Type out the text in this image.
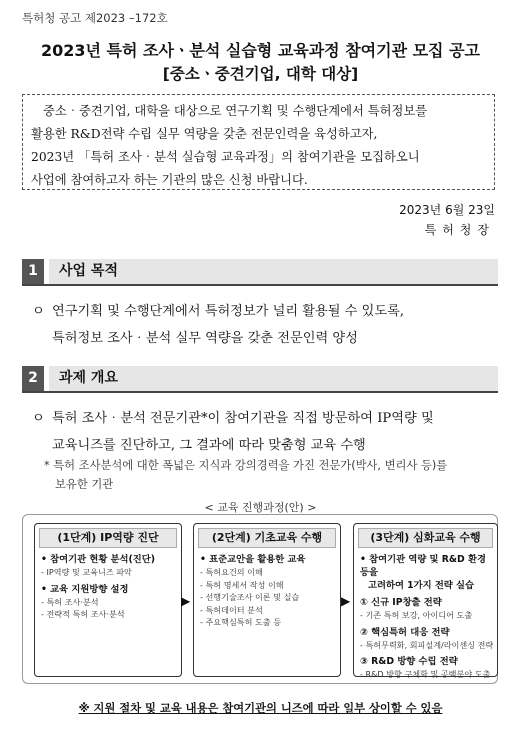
특허청 공고 제2023 –172호
2023년 특허 조사ㆍ분석 실습형 교육과정 참여기관 모집 공고
[중소ㆍ중견기업, 대학 대상]
중소‧중견기업, 대학을 대상으로 연구기획 및 수행단계에서 특허정보를
활용한 R&D전략 수립 실무 역량을 갖춘 전문인력을 육성하고자,
2023년 「특허 조사‧분석 실습형 교육과정」의 참여기관을 모집하오니
사업에 참여하고자 하는 기관의 많은 신청 바랍니다.
2023년 6월 23일
특허청장
1	사업 목적
ㅇ 연구기획 및 수행단계에서 특허정보가 널리 활용될 수 있도록,
특허정보 조사‧분석 실무 역량을 갖춘 전문인력 양성
2	과제 개요
ㅇ 특허 조사‧분석 전문기관*이 참여기관을 직접 방문하여 IP역량 및
교육니즈를 진단하고, 그 결과에 따라 맞춤형 교육 수행
* 특허 조사분석에 대한 폭넓은 지식과 강의경력을 가진 전문가(박사, 변리사 등)를
보유한 기관
< 교육 진행과정(안) >
(1단계) IP역량 진단
• 참여기관 현황 분석(진단)
- IP역량 및 교육니즈 파악
• 교육 지원방향 설정
- 특허 조사‧분석
- 전략적 특허 조사‧분석
▶
(2단계) 기초교육 수행
• 표준교안을 활용한 교육
- 특허요건의 이해
- 특허 명세서 작성 이해
- 선행기술조사 이론 및 실습
- 특허데이터 분석
- 주요핵심특허 도출 등
▶
(3단계) 심화교육 수행
• 참여기관 역량 및 R&D 환경 등을
고려하여 1가지 전략 실습
① 신규 IP창출 전략
- 기존 특허 보강, 아이디어 도출
② 핵심특허 대응 전략
- 특허무력화, 회피설계/라이센싱 전략
③ R&D 방향 수립 전략
- R&D 방향 구체화 및 공백분야 도출
※ 지원 절차 및 교육 내용은 참여기관의 니즈에 따라 일부 상이할 수 있음
